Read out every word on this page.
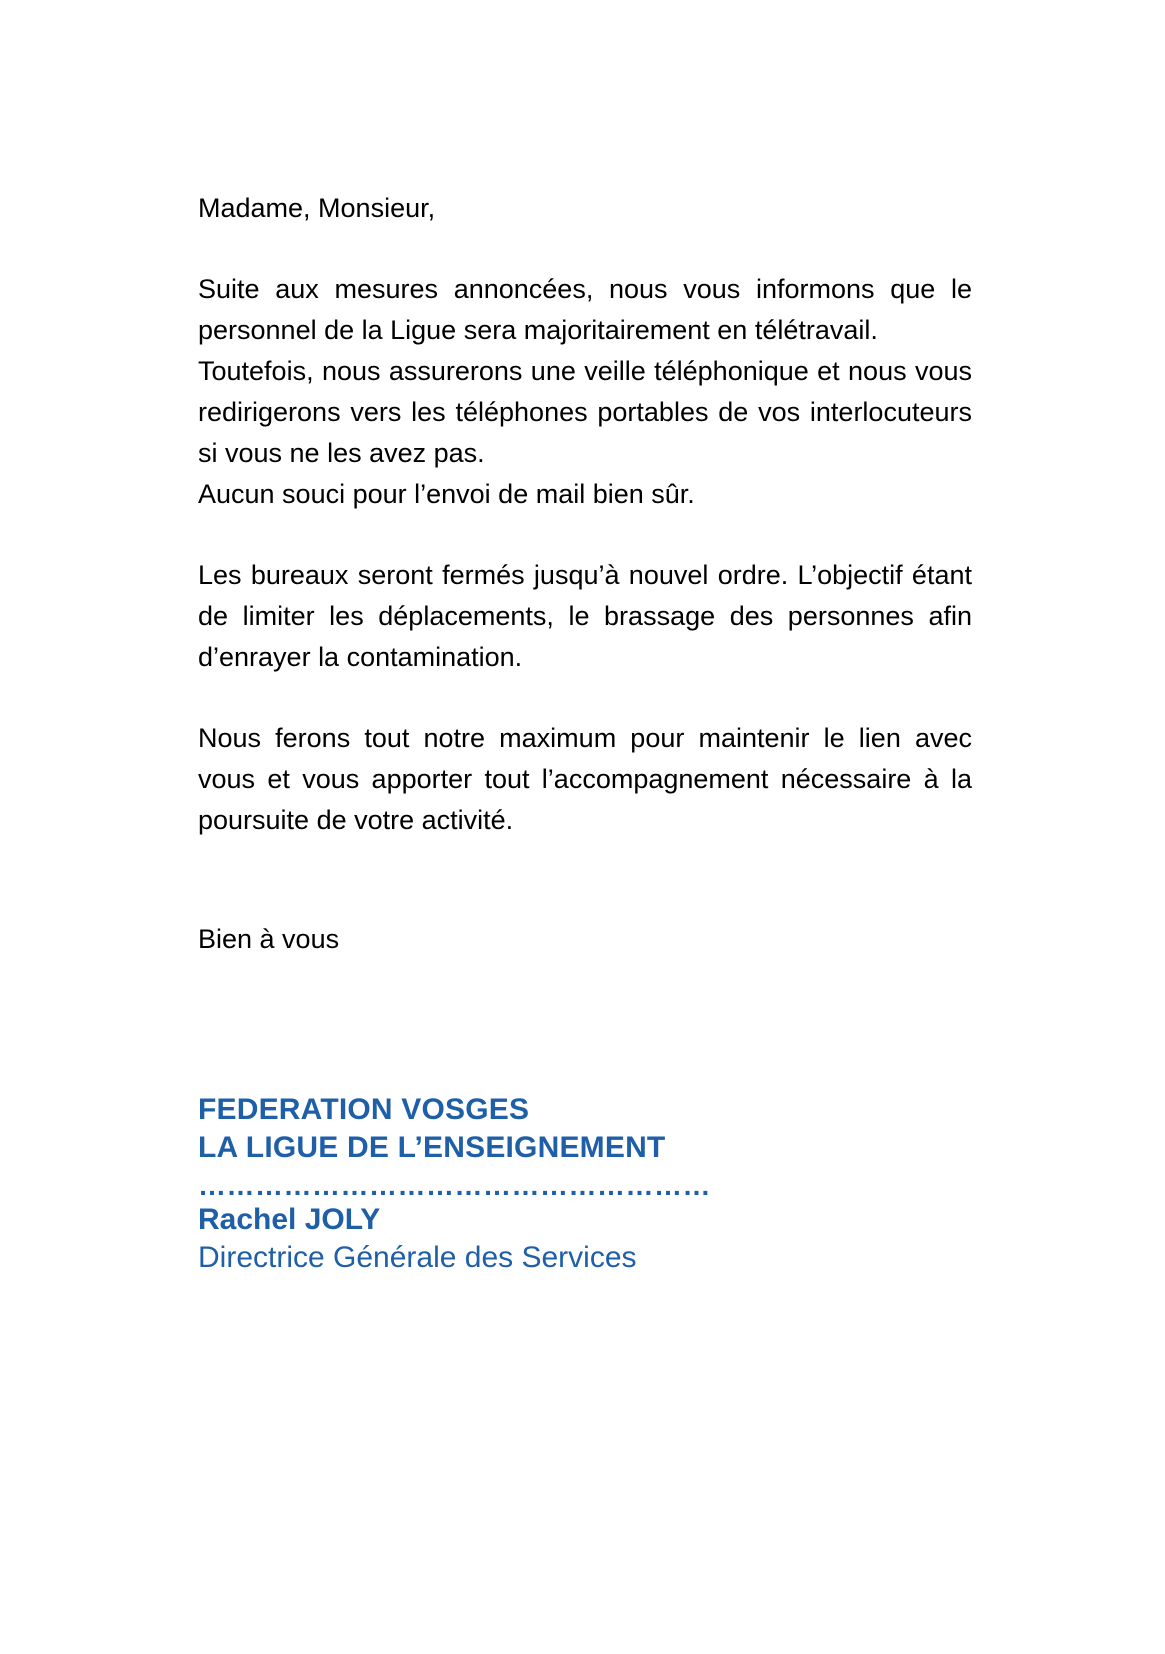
Madame, Monsieur,

Suite aux mesures annoncées, nous vous informons que le personnel de la Ligue sera majoritairement en télétravail.

Toutefois, nous assurerons une veille téléphonique et nous vous redirigerons vers les téléphones portables de vos interlocuteurs si vous ne les avez pas.

Aucun souci pour l’envoi de mail bien sûr.

Les bureaux seront fermés jusqu’à nouvel ordre. L’objectif étant de limiter les déplacements, le brassage des personnes afin d’enrayer la contamination.

Nous ferons tout notre maximum pour maintenir le lien avec vous et vous apporter tout l’accompagnement nécessaire à la poursuite de votre activité.

Bien à vous

FEDERATION VOSGES

LA LIGUE DE L’ENSEIGNEMENT

………………………………………………

Rachel JOLY

Directrice Générale des Services
